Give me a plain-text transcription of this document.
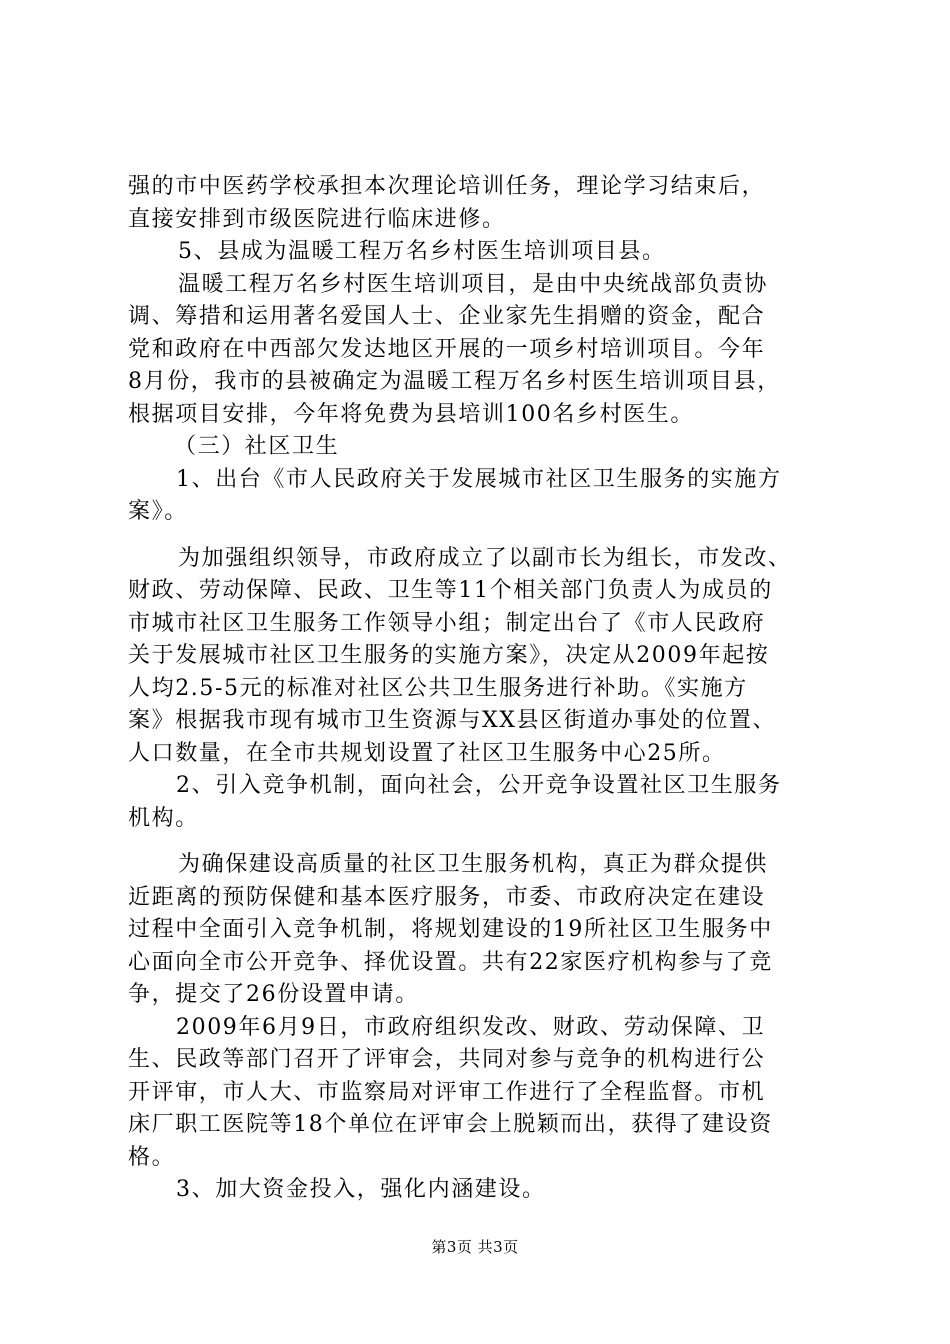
强的市中医药学校承担本次理论培训任务，理论学习结束后，
直接安排到市级医院进行临床进修。
5、县成为温暖工程万名乡村医生培训项目县。
温暖工程万名乡村医生培训项目，是由中央统战部负责协
调、筹措和运用著名爱国人士、企业家先生捐赠的资金，配合
党和政府在中西部欠发达地区开展的一项乡村培训项目。今年
8月份，我市的县被确定为温暖工程万名乡村医生培训项目县，
根据项目安排，今年将免费为县培训100名乡村医生。
（三）社区卫生
1、出台《市人民政府关于发展城市社区卫生服务的实施方
案》。
为加强组织领导，市政府成立了以副市长为组长，市发改、
财政、劳动保障、民政、卫生等11个相关部门负责人为成员的
市城市社区卫生服务工作领导小组；制定出台了《市人民政府
关于发展城市社区卫生服务的实施方案》，决定从2009年起按
人均2.5-5元的标准对社区公共卫生服务进行补助。《实施方
案》根据我市现有城市卫生资源与XX县区街道办事处的位置、
人口数量，在全市共规划设置了社区卫生服务中心25所。
2、引入竞争机制，面向社会，公开竞争设置社区卫生服务
机构。
为确保建设高质量的社区卫生服务机构，真正为群众提供
近距离的预防保健和基本医疗服务，市委、市政府决定在建设
过程中全面引入竞争机制，将规划建设的19所社区卫生服务中
心面向全市公开竞争、择优设置。共有22家医疗机构参与了竞
争，提交了26份设置申请。
2009年6月9日，市政府组织发改、财政、劳动保障、卫
生、民政等部门召开了评审会，共同对参与竞争的机构进行公
开评审，市人大、市监察局对评审工作进行了全程监督。市机
床厂职工医院等18个单位在评审会上脱颖而出，获得了建设资
格。
3、加大资金投入，强化内涵建设。
第3页 共3页
